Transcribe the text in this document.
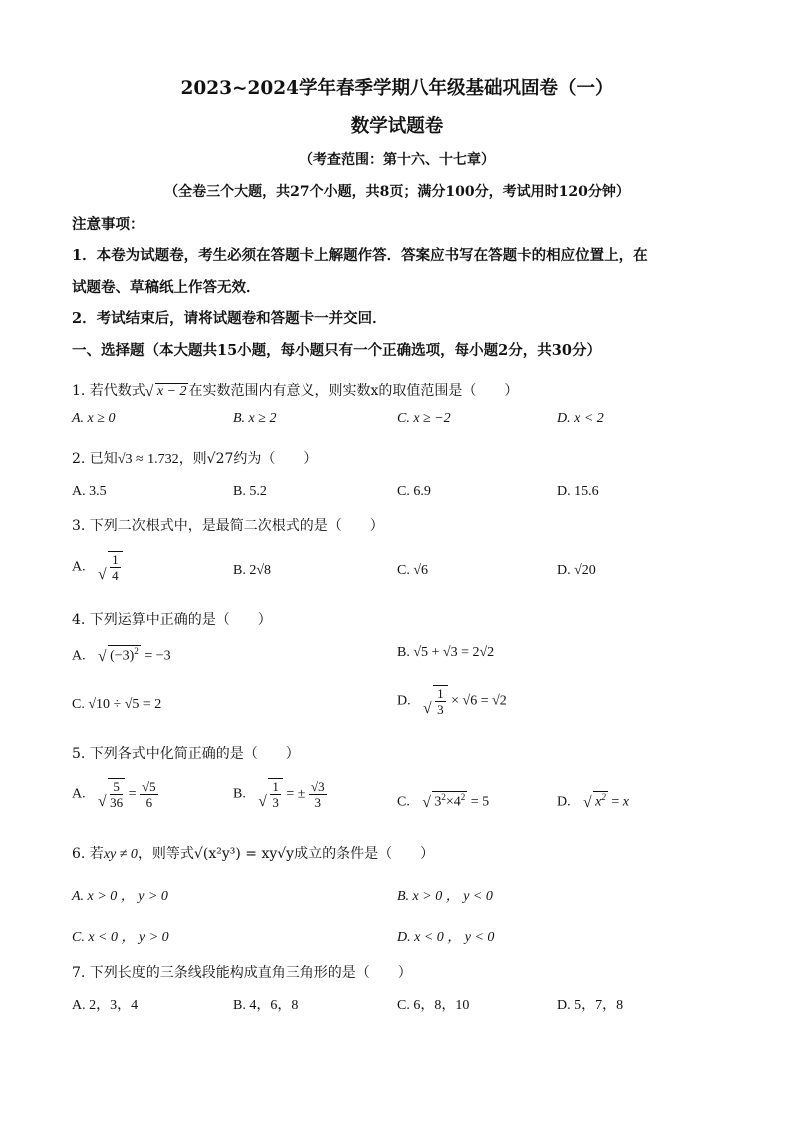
2023~2024学年春季学期八年级基础巩固卷（一）
数学试题卷
（考查范围：第十六、十七章）
（全卷三个大题，共27个小题，共8页；满分100分，考试用时120分钟）
注意事项：
1．本卷为试题卷，考生必须在答题卡上解题作答．答案应书写在答题卡的相应位置上，在
试题卷、草稿纸上作答无效．
2．考试结束后，请将试题卷和答题卡一并交回．
一、选择题（本大题共15小题，每小题只有一个正确选项，每小题2分，共30分）
1. 若代数式 √ x − 2 在实数范围内有意义，则实数x的取值范围是（　　）
A. x ≥ 0	B. x ≥ 2	C. x ≥ −2	D. x < 2
2. 已知√3 ≈ 1.732，则√27约为（　　）
A. 3.5	B. 5.2	C. 6.9	D. 15.6
3. 下列二次根式中，是最简二次根式的是（　　）
A. √ $\frac{1}{4}$	B. 2√8	C. √6	D. √20
4. 下列运算中正确的是（　　）
A. √ $(-3)^2 = -3$	B. √5 + √3 = 2√2
C. √10 ÷ √5 = 2	D. √ $\frac{1}{3} \times √6 = √2$
5. 下列各式中化简正确的是（　　）
A. √ $\frac{5}{36} = \frac{√5}{6}$	B. √ $\frac{1}{3}$ = ± $\frac{√3}{3}$	C. √ $3^2\times 4^2 = 5$	D. √ $x^2 = x$
6. 若xy ≠ 0，则等式√(x²y³) = xy√y成立的条件是（　　）
A. x > 0 ， y > 0	B. x > 0 ， y < 0
C. x < 0 ， y > 0	D. x < 0 ， y < 0
7. 下列长度的三条线段能构成直角三角形的是（　　）
A. 2，3，4	B. 4，6，8	C. 6，8，10	D. 5，7，8
